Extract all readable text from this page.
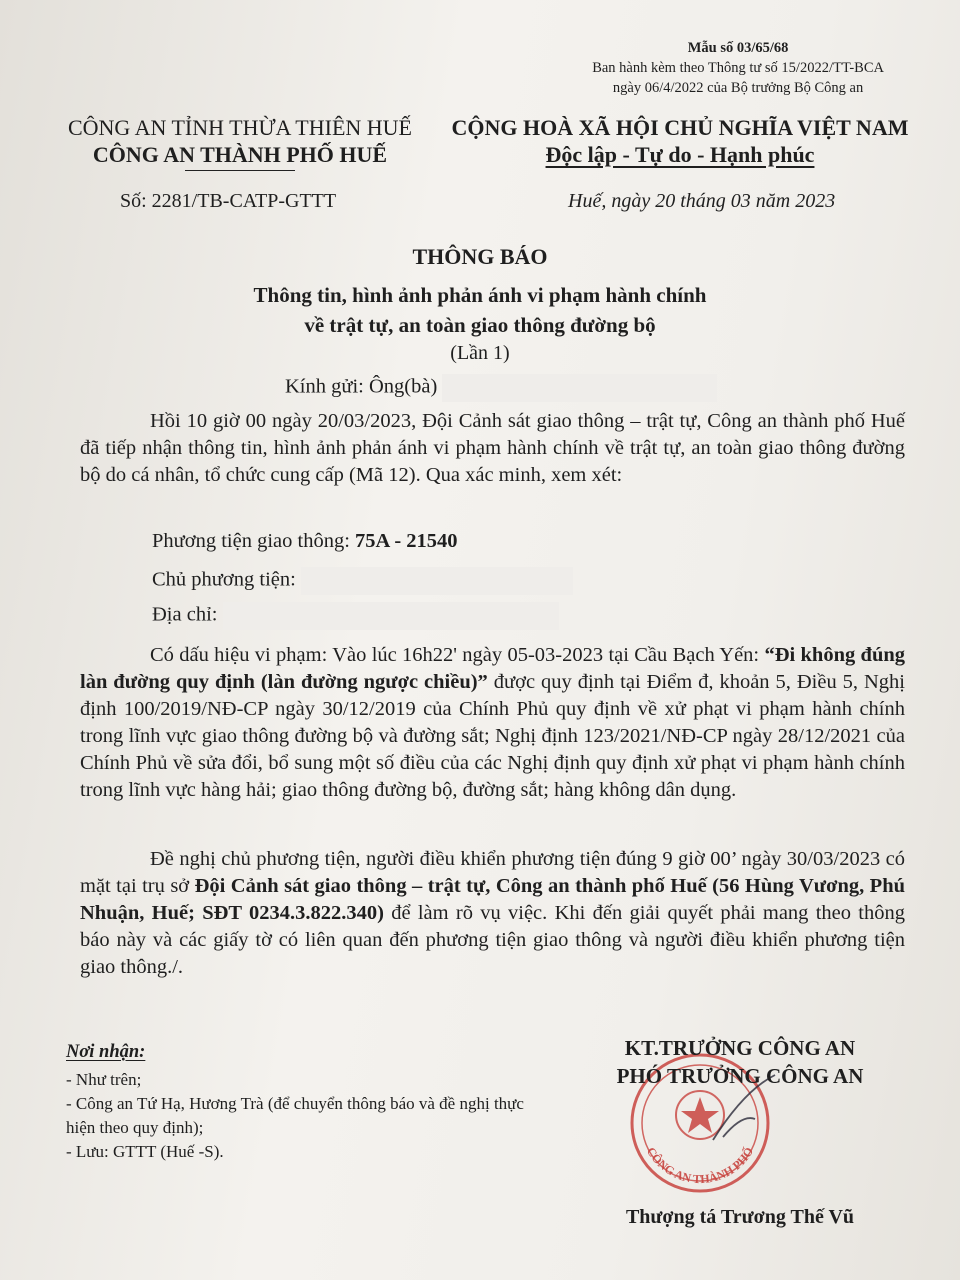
Mẫu số 03/65/68
Ban hành kèm theo Thông tư số 15/2022/TT-BCA
ngày 06/4/2022 của Bộ trưởng Bộ Công an
CÔNG AN TỈNH THỪA THIÊN HUẾ
CÔNG AN THÀNH PHỐ HUẾ
CỘNG HOÀ XÃ HỘI CHỦ NGHĨA VIỆT NAM
Độc lập - Tự do - Hạnh phúc
Số: 2281/TB-CATP-GTTT	Huế, ngày 20 tháng 03 năm 2023
THÔNG BÁO
Thông tin, hình ảnh phản ánh vi phạm hành chính
về trật tự, an toàn giao thông đường bộ
(Lần 1)
Kính gửi: Ông(bà)
Hồi 10 giờ 00 ngày 20/03/2023, Đội Cảnh sát giao thông – trật tự, Công an thành phố Huế đã tiếp nhận thông tin, hình ảnh phản ánh vi phạm hành chính về trật tự, an toàn giao thông đường bộ do cá nhân, tổ chức cung cấp (Mã 12). Qua xác minh, xem xét:
Phương tiện giao thông: 75A - 21540
Chủ phương tiện:
Địa chỉ:
Có dấu hiệu vi phạm: Vào lúc 16h22' ngày 05-03-2023 tại Cầu Bạch Yến: “Đi không đúng làn đường quy định (làn đường ngược chiều)” được quy định tại Điểm đ, khoản 5, Điều 5, Nghị định 100/2019/NĐ-CP ngày 30/12/2019 của Chính Phủ quy định về xử phạt vi phạm hành chính trong lĩnh vực giao thông đường bộ và đường sắt; Nghị định 123/2021/NĐ-CP ngày 28/12/2021 của Chính Phủ về sửa đổi, bổ sung một số điều của các Nghị định quy định xử phạt vi phạm hành chính trong lĩnh vực hàng hải; giao thông đường bộ, đường sắt; hàng không dân dụng.
Đề nghị chủ phương tiện, người điều khiển phương tiện đúng 9 giờ 00’ ngày 30/03/2023 có mặt tại trụ sở Đội Cảnh sát giao thông – trật tự, Công an thành phố Huế (56 Hùng Vương, Phú Nhuận, Huế; SĐT 0234.3.822.340) để làm rõ vụ việc. Khi đến giải quyết phải mang theo thông báo này và các giấy tờ có liên quan đến phương tiện giao thông và người điều khiển phương tiện giao thông./.
Nơi nhận:
- Như trên;
- Công an Tứ Hạ, Hương Trà (để chuyển thông báo và đề nghị thực hiện theo quy định);
- Lưu: GTTT (Huế -S).	CÔNG AN THÀNH PHỐ
KT.TRƯỞNG CÔNG AN
PHÓ TRƯỞNG CÔNG AN
Thượng tá Trương Thế Vũ
